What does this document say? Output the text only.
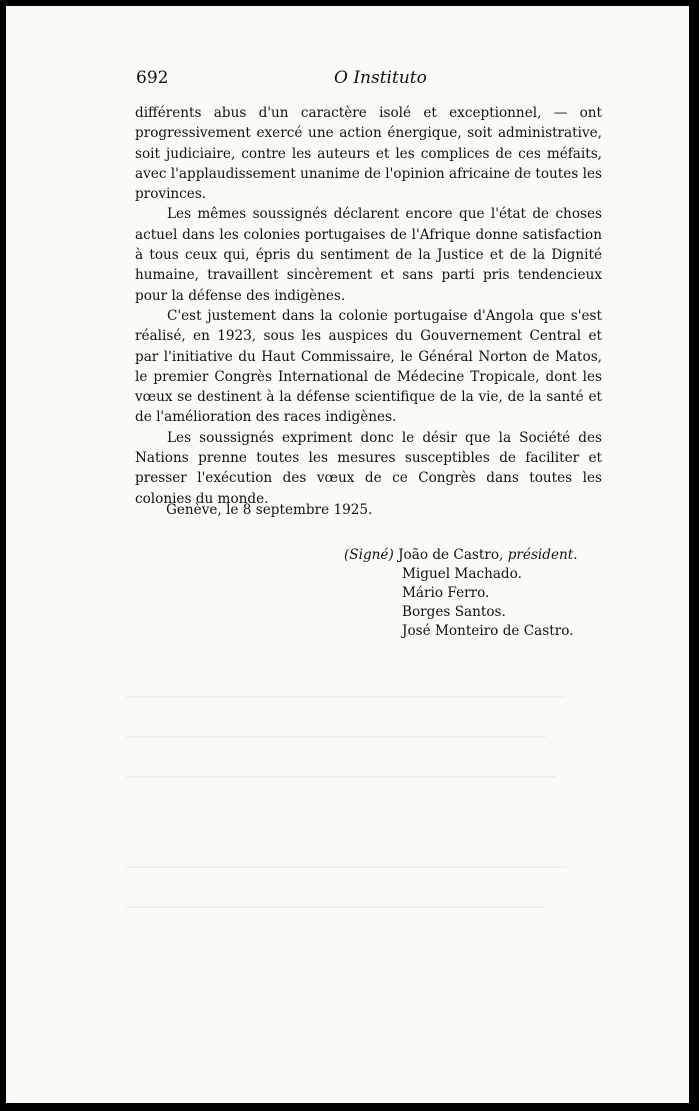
692	O Instituto

différents abus d'un caractère isolé et exceptionnel, — ont progressivement exercé une action énergique, soit administrative, soit judiciaire, contre les auteurs et les complices de ces méfaits, avec l'applaudissement unanime de l'opinion africaine de toutes les provinces.

Les mêmes soussignés déclarent encore que l'état de choses actuel dans les colonies portugaises de l'Afrique donne satisfaction à tous ceux qui, épris du sentiment de la Justice et de la Dignité humaine, travaillent sincèrement et sans parti pris tendencieux pour la défense des indigènes.

C'est justement dans la colonie portugaise d'Angola que s'est réalisé, en 1923, sous les auspices du Gouvernement Central et par l'initiative du Haut Commissaire, le Général Norton de Matos, le premier Congrès International de Médecine Tropicale, dont les vœux se destinent à la défense scientifique de la vie, de la santé et de l'amélioration des races indigènes.

Les soussignés expriment donc le désir que la Société des Nations prenne toutes les mesures susceptibles de faciliter et presser l'exécution des vœux de ce Congrès dans toutes les colonies du monde.

Genève, le 8 septembre 1925.
(Signé) João de Castro, président.
Miguel Machado.
Mário Ferro.
Borges Santos.
José Monteiro de Castro.
